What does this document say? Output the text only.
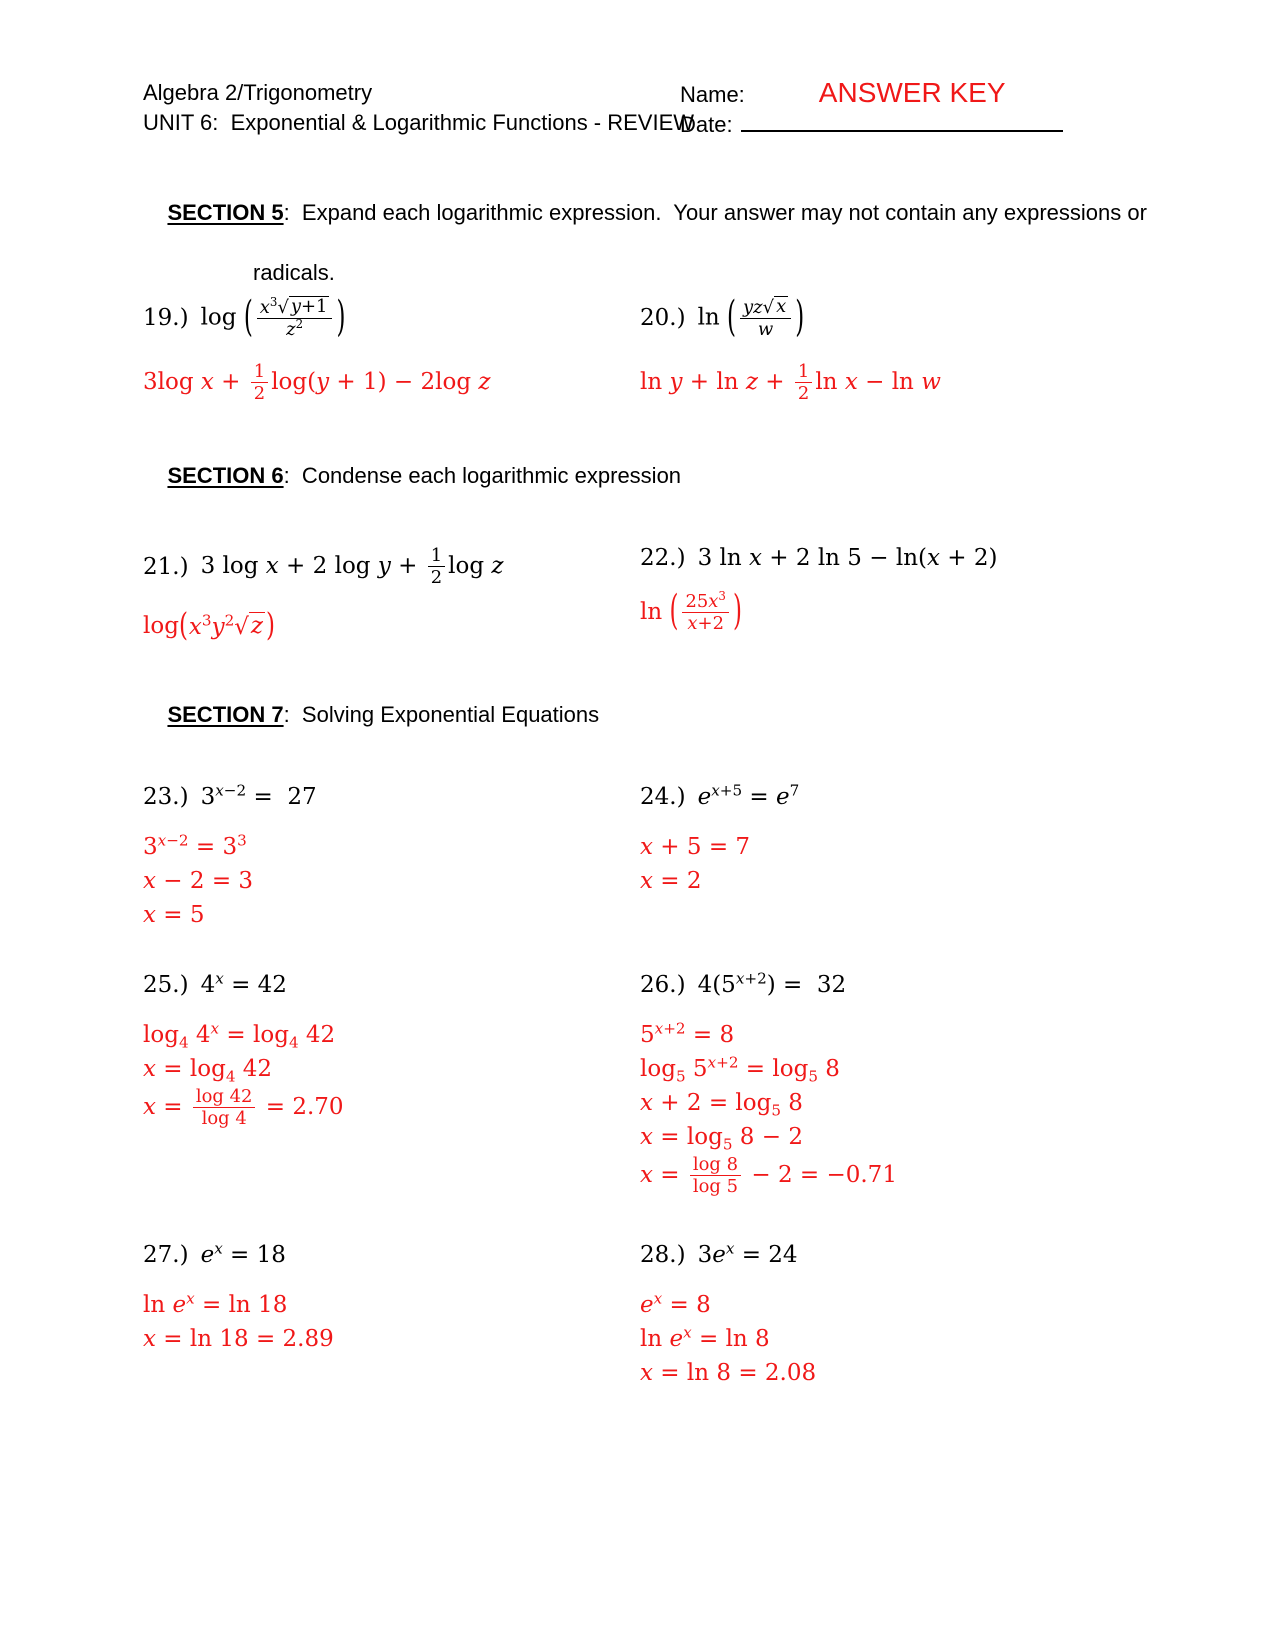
Algebra 2/Trigonometry
UNIT 6:  Exponential & Logarithmic Functions - REVIEW
Name:	ANSWER KEY
Date:

SECTION 5:  Expand each logarithmic expression.  Your answer may not contain any expressions or

radicals.
19.) log ( $\frac{x^3 √ y+1}{z^2}$ )
3log $x + \frac{1}{2} \log(y + 1) - 2\log$ z
20.) ln ( $\frac{yz √ x}{w}$ )
$\ln y + \ln z + \frac{1}{2}$ ln x − ln w

SECTION 6:  Condense each logarithmic expression

21.) 3 log x + 2 $\log y + \frac{1}{2}$ log z
log ( $x^3y^2$ √ z )
22.) 3 ln x + 2 ln 5 − ln(x + 2)
ln ( $\frac{25x^3}{x+2}$ )

SECTION 7:  Solving Exponential Equations

23.) $3^{x-2} = 27$
$3^{x-2} = 3^3$
x − 2 = 3
x = 5
24.) $e^{x+5} = e^7$
x + 5 = 7
x = 2
25.) $4^x = 42$
$\log_4 4^x = \log_4 42$
$x = \log_4 42$
$x = \frac{\log 42}{\log 4} = 2.70$
26.) $4(5^{x+2}) = 32$
$5^{x+2} = 8$
$\log_5 5^{x+2} = \log_5 8$
$x + 2 = \log_5 8$
$x = \log_5 8 - 2$
$x = \frac{\log 8}{\log 5} - 2 = -0.71$
27.) $e^x = 18$
$\ln e^x = \ln 18$
x = ln 18 = 2.89
28.) $3e^x = 24$
$e^x = 8$
$\ln e^x = \ln 8$
x = ln 8 = 2.08
